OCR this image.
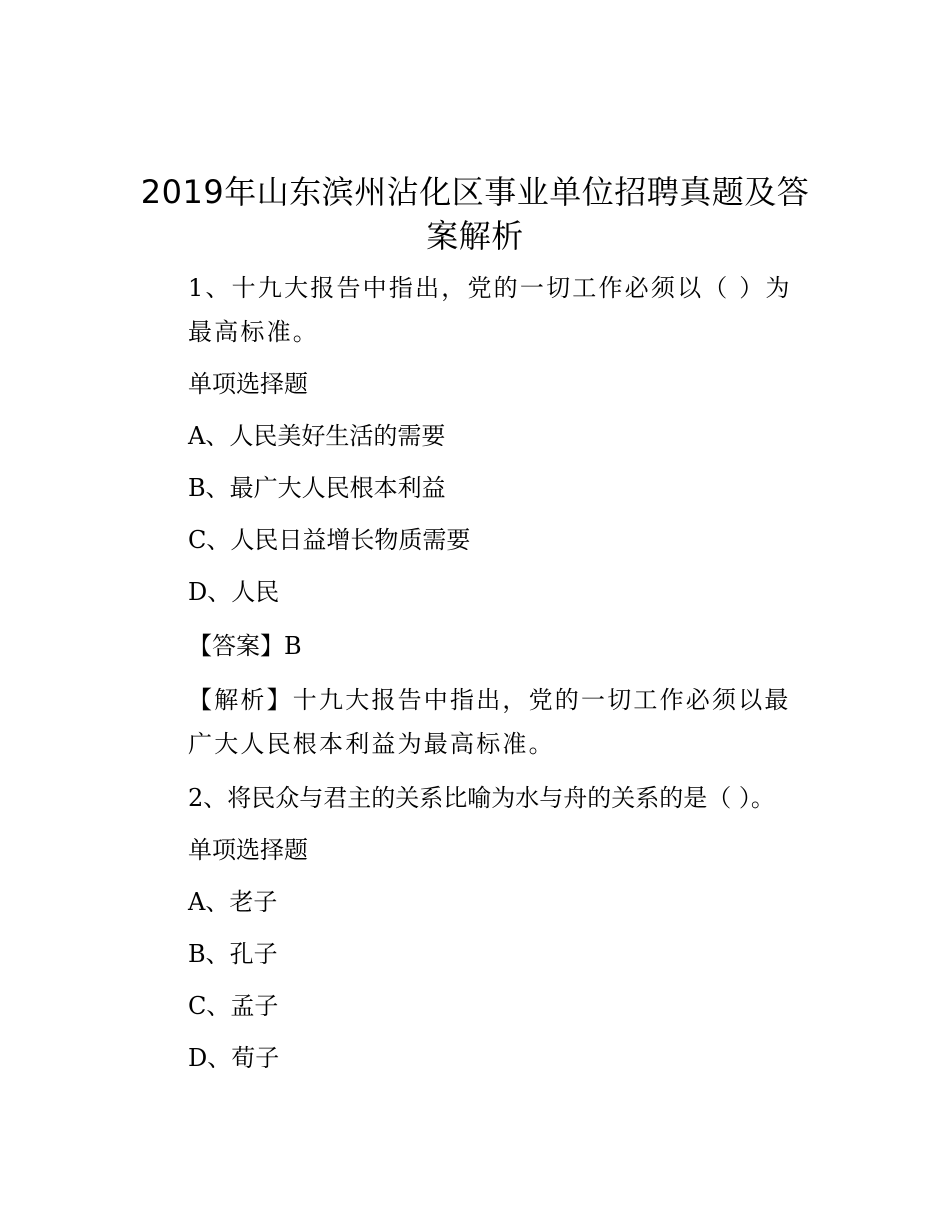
2019年山东滨州沾化区事业单位招聘真题及答案解析
1、十九大报告中指出，党的一切工作必须以（ ）为最高标准。
单项选择题
A、人民美好生活的需要
B、最广大人民根本利益
C、人民日益增长物质需要
D、人民
【答案】B
【解析】十九大报告中指出，党的一切工作必须以最广大人民根本利益为最高标准。
2、将民众与君主的关系比喻为水与舟的关系的是（ ）。
单项选择题
A、老子
B、孔子
C、孟子
D、荀子
